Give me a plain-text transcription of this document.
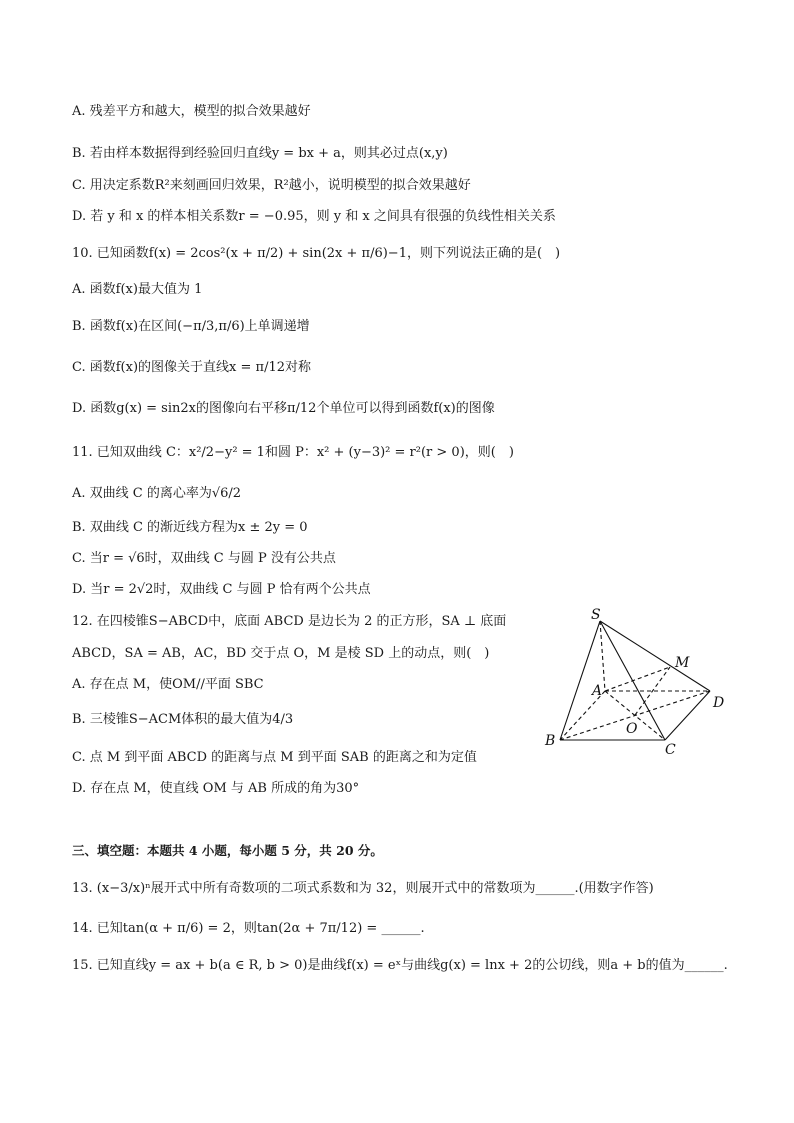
A. 残差平方和越大，模型的拟合效果越好
B. 若由样本数据得到经验回归直线y = bx + a，则其必过点(x,y)
C. 用决定系数R²来刻画回归效果，R²越小，说明模型的拟合效果越好
D. 若 y 和 x 的样本相关系数r = −0.95，则 y 和 x 之间具有很强的负线性相关关系
10. 已知函数f(x) = 2cos²(x + π/2) + sin(2x + π/6)−1，则下列说法正确的是(　)
A. 函数f(x)最大值为 1
B. 函数f(x)在区间(−π/3,π/6)上单调递增
C. 函数f(x)的图像关于直线x = π/12对称
D. 函数g(x) = sin2x的图像向右平移π/12个单位可以得到函数f(x)的图像
11. 已知双曲线 C：x²/2−y² = 1和圆 P：x² + (y−3)² = r²(r > 0)，则(　)
A. 双曲线 C 的离心率为√6/2
B. 双曲线 C 的渐近线方程为x ± 2y = 0
C. 当r = √6时，双曲线 C 与圆 P 没有公共点
D. 当r = 2√2时，双曲线 C 与圆 P 恰有两个公共点
12. 在四棱锥S−ABCD中，底面 ABCD 是边长为 2 的正方形，SA ⊥ 底面
ABCD，SA = AB，AC，BD 交于点 O，M 是棱 SD 上的动点，则(　)
A. 存在点 M，使OM//平面 SBC
B. 三棱锥S−ACM体积的最大值为4/3
C. 点 M 到平面 ABCD 的距离与点 M 到平面 SAB 的距离之和为定值
D. 存在点 M，使直线 OM 与 AB 所成的角为30°
S
M
A
D
O
B
C
三、填空题：本题共 4 小题，每小题 5 分，共 20 分。
13. (x−3/x)ⁿ展开式中所有奇数项的二项式系数和为 32，则展开式中的常数项为______.(用数字作答)
14. 已知tan(α + π/6) = 2，则tan(2α + 7π/12) = ______.
15. 已知直线y = ax + b(a ∈ R, b > 0)是曲线f(x) = eˣ与曲线g(x) = lnx + 2的公切线，则a + b的值为______.
